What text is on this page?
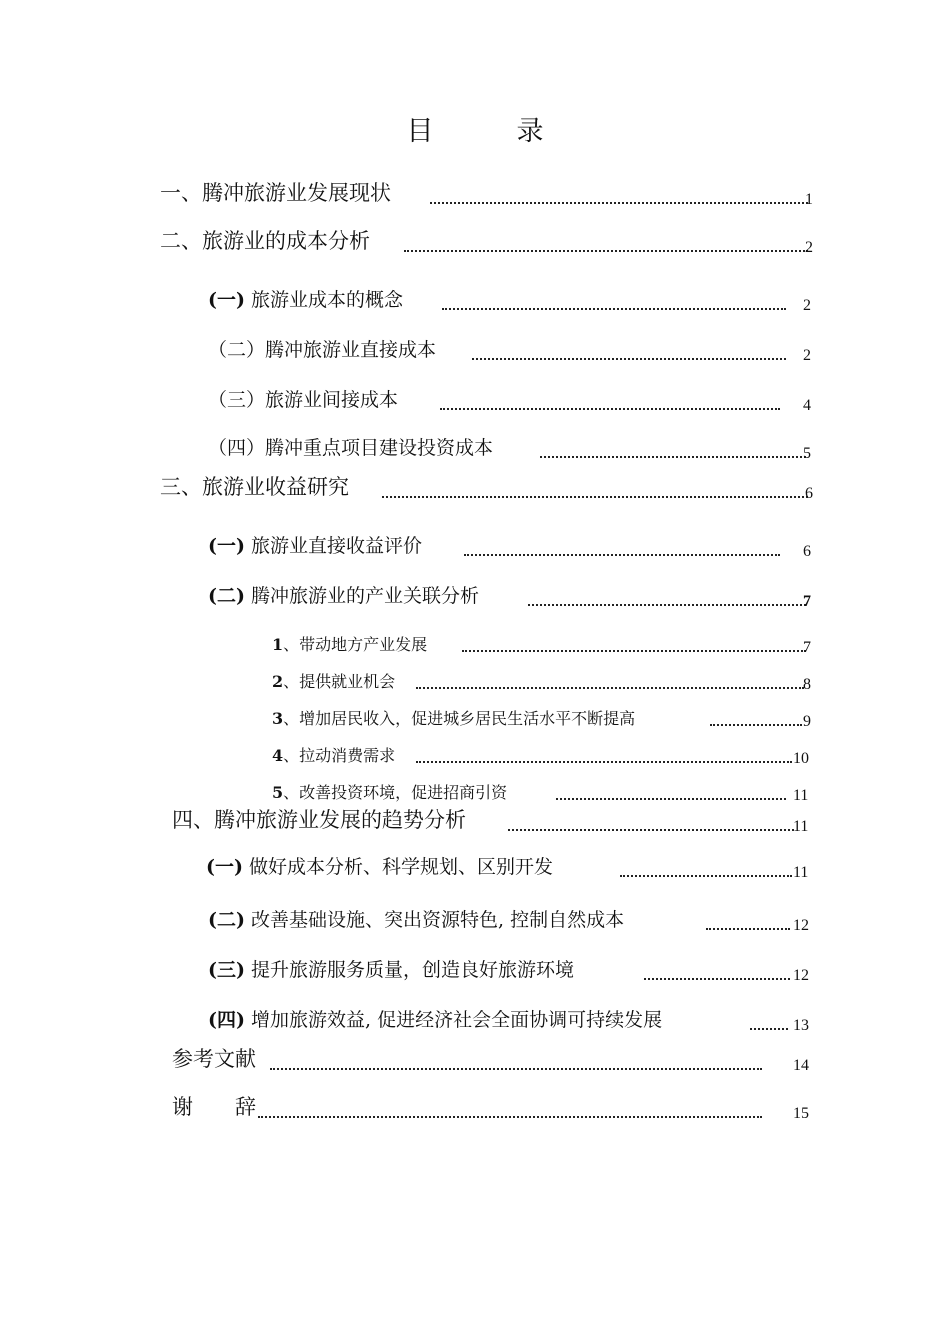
目　录
一、腾冲旅游业发展现状	1
二、旅游业的成本分析	2
(一) 旅游业成本的概念	2
（二）腾冲旅游业直接成本	2
（三）旅游业间接成本	4
（四）腾冲重点项目建设投资成本	5
三、旅游业收益研究	6
(一) 旅游业直接收益评价	6
(二) 腾冲旅游业的产业关联分析	7
1、带动地方产业发展	7
2、提供就业机会	8
3、增加居民收入，促进城乡居民生活水平不断提高	9
4、拉动消费需求	10
5、改善投资环境，促进招商引资	11
四、腾冲旅游业发展的趋势分析	11
(一) 做好成本分析、科学规划、区别开发	11
(二) 改善基础设施、突出资源特色, 控制自然成本	12
(三) 提升旅游服务质量，创造良好旅游环境	12
(四) 增加旅游效益, 促进经济社会全面协调可持续发展	13
参考文献	14
谢　　辞	15
